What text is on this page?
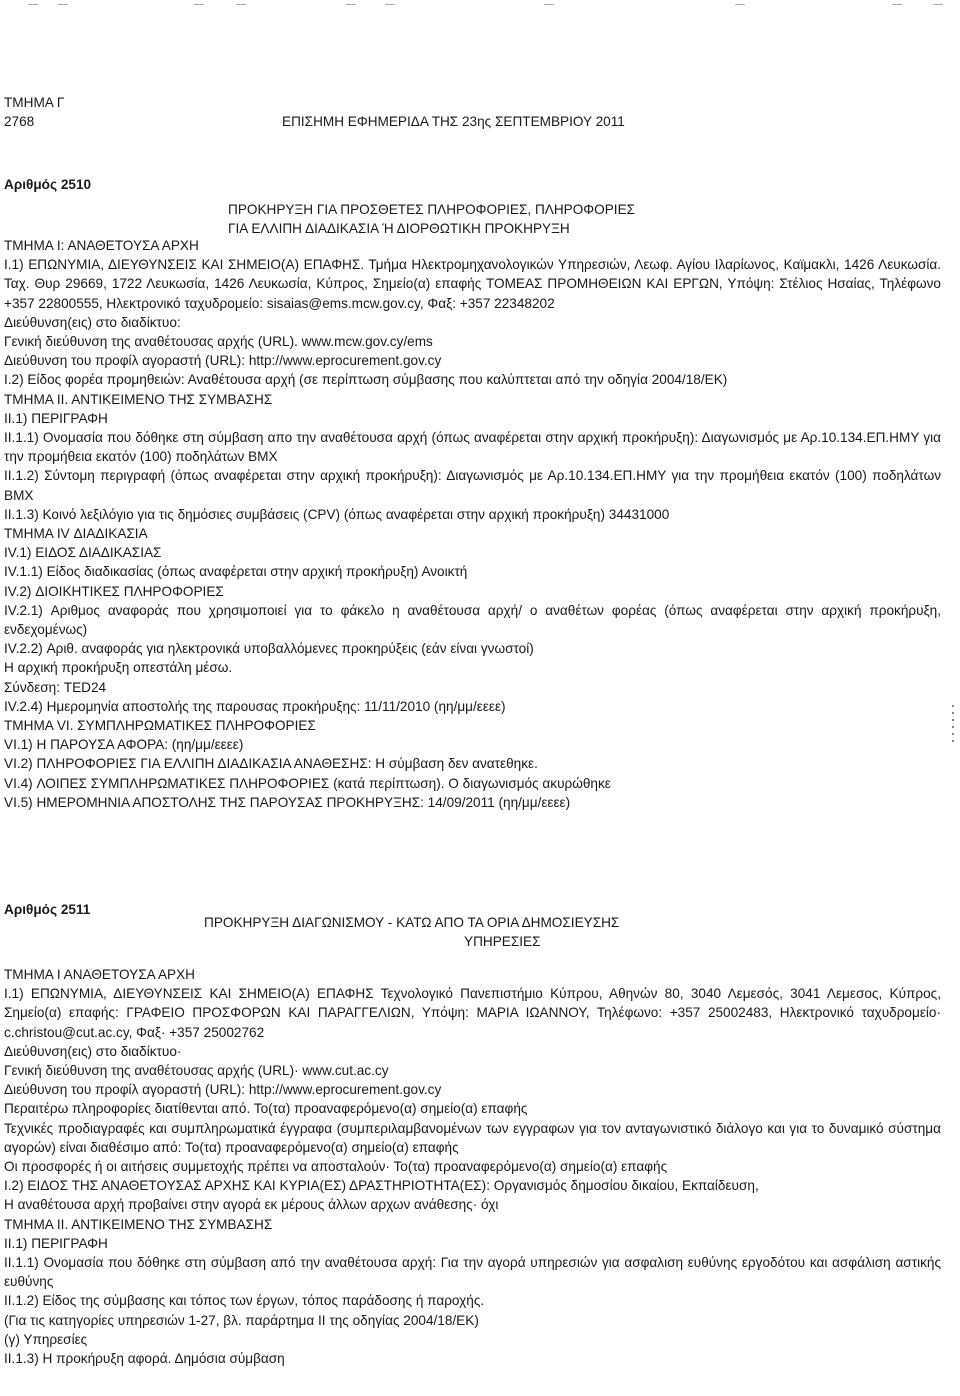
ΤΜΗΜΑ Γ
2768	ΕΠΙΣΗΜΗ ΕΦΗΜΕΡΙΔΑ ΤΗΣ 23ης ΣΕΠΤΕΜΒΡΙΟΥ 2011
Αριθμός 2510
ΠΡΟΚΗΡΥΞΗ ΓΙΑ ΠΡΟΣΘΕΤΕΣ ΠΛΗΡΟΦΟΡΙΕΣ, ΠΛΗΡΟΦΟΡΙΕΣ
ΓΙΑ ΕΛΛΙΠΗ ΔΙΑΔΙΚΑΣΙΑ Ή ΔΙΟΡΘΩΤΙΚΗ ΠΡΟΚΗΡΥΞΗ
ΤΜΗΜΑ Ι: ΑΝΑΘΕΤΟΥΣΑ ΑΡΧΗ
Ι.1) ΕΠΩΝΥΜΙΑ, ΔΙΕΥΘΥΝΣΕΙΣ ΚΑΙ ΣΗΜΕΙΟ(Α) ΕΠΑΦΗΣ. Τμήμα Ηλεκτρομηχανολογικών Υπηρεσιών, Λεωφ. Αγίου Ιλαρίωνος, Καϊμακλι, 1426 Λευκωσία. Ταχ. Θυρ 29669, 1722 Λευκωσία, 1426 Λευκωσία, Κύπρος, Σημείο(α) επαφής ΤΟΜΕΑΣ ΠΡΟΜΗΘΕΙΩΝ ΚΑΙ ΕΡΓΩΝ, Υπόψη: Στέλιος Ησαίας, Τηλέφωνο +357 22800555, Ηλεκτρονικό ταχυδρομείο: sisaias@ems.mcw.gov.cy, Φαξ: +357 22348202
Διεύθυνση(εις) στο διαδίκτυο:
Γενική διεύθυνση της αναθέτουσας αρχής (URL). www.mcw.gov.cy/ems
Διεύθυνση του προφίλ αγοραστή (URL): http://www.eprocurement.gov.cy
Ι.2) Είδος φορέα προμηθειών: Αναθέτουσα αρχή (σε περίπτωση σύμβασης που καλύπτεται από την οδηγία 2004/18/ΕΚ)
ΤΜΗΜΑ ΙΙ. ΑΝΤΙΚΕΙΜΕΝΟ ΤΗΣ ΣΥΜΒΑΣΗΣ
ΙΙ.1) ΠΕΡΙΓΡΑΦΗ
ΙΙ.1.1) Ονομασία που δόθηκε στη σύμβαση απο την αναθέτουσα αρχή (όπως αναφέρεται στην αρχική προκήρυξη): Διαγωνισμός με Αρ.10.134.ΕΠ.ΗΜΥ για την προμήθεια εκατόν (100) ποδηλάτων ΒΜΧ
ΙΙ.1.2) Σύντομη περιγραφή (όπως αναφέρεται στην αρχική προκήρυξη): Διαγωνισμός με Αρ.10.134.ΕΠ.ΗΜΥ για την προμήθεια εκατόν (100) ποδηλάτων ΒΜΧ
ΙΙ.1.3) Κοινό λεξιλόγιο για τις δημόσιες συμβάσεις (CPV) (όπως αναφέρεται στην αρχική προκήρυξη) 34431000
ΤΜΗΜΑ IV ΔΙΑΔΙΚΑΣΙΑ
IV.1) ΕΙΔΟΣ ΔΙΑΔΙΚΑΣΙΑΣ
IV.1.1) Είδος διαδικασίας (όπως αναφέρεται στην αρχική προκήρυξη) Ανοικτή
IV.2) ΔΙΟΙΚΗΤΙΚΕΣ ΠΛΗΡΟΦΟΡΙΕΣ
IV.2.1) Αριθμος αναφοράς που χρησιμοποιεί για το φάκελο η αναθέτουσα αρχή/ ο αναθέτων φορέας (όπως αναφέρεται στην αρχική προκήρυξη, ενδεχομένως)
IV.2.2) Αριθ. αναφοράς για ηλεκτρονικά υποβαλλόμενες προκηρύξεις (εάν είναι γνωστοί)
Η αρχική προκήρυξη οπεστάλη μέσω.
Σύνδεση: TED24
IV.2.4) Ημερομηνία αποστολής της παρουσας προκήρυξης: 11/11/2010 (ηη/μμ/εεεε)
ΤΜΗΜΑ VI. ΣΥΜΠΛΗΡΩΜΑΤΙΚΕΣ ΠΛΗΡΟΦΟΡΙΕΣ
VI.1) Η ΠΑΡΟΥΣΑ ΑΦΟΡΑ: (ηη/μμ/εεεε)
VI.2) ΠΛΗΡΟΦΟΡΙΕΣ ΓΙΑ ΕΛΛΙΠΗ ΔΙΑΔΙΚΑΣΙΑ ΑΝΑΘΕΣΗΣ: Η σύμβαση δεν ανατεθηκε.
VI.4) ΛΟΙΠΕΣ ΣΥΜΠΛΗΡΩΜΑΤΙΚΕΣ ΠΛΗΡΟΦΟΡΙΕΣ (κατά περίπτωση). Ο διαγωνισμός ακυρώθηκε
VI.5) ΗΜΕΡΟΜΗΝΙΑ ΑΠΟΣΤΟΛΗΣ ΤΗΣ ΠΑΡΟΥΣΑΣ ΠΡΟΚΗΡΥΞΗΣ: 14/09/2011 (ηη/μμ/εεεε)
Αριθμός 2511
ΠΡΟΚΗΡΥΞΗ ΔΙΑΓΩΝΙΣΜΟΥ - ΚΑΤΩ ΑΠΟ ΤΑ ΟΡΙΑ ΔΗΜΟΣΙΕΥΣΗΣ
ΥΠΗΡΕΣΙΕΣ
ΤΜΗΜΑ Ι ΑΝΑΘΕΤΟΥΣΑ ΑΡΧΗ
Ι.1) ΕΠΩΝΥΜΙΑ, ΔΙΕΥΘΥΝΣΕΙΣ ΚΑΙ ΣΗΜΕΙΟ(Α) ΕΠΑΦΗΣ Τεχνολογικό Πανεπιστήμιο Κύπρου, Αθηνών 80, 3040 Λεμεσός, 3041 Λεμεσος, Κύπρος, Σημείο(α) επαφής: ΓΡΑΦΕΙΟ ΠΡΟΣΦΟΡΩΝ ΚΑΙ ΠΑΡΑΓΓΕΛΙΩΝ, Υπόψη: ΜΑΡΙΑ ΙΩΑΝΝΟΥ, Τηλέφωνο: +357 25002483, Ηλεκτρονικό ταχυδρομείο· c.christou@cut.ac.cy, Φαξ· +357 25002762
Διεύθυνση(εις) στο διαδίκτυο·
Γενική διεύθυνση της αναθέτουσας αρχής (URL)· www.cut.ac.cy
Διεύθυνση του προφίλ αγοραστή (URL): http://www.eprocurement.gov.cy
Περαιτέρω πληροφορίες διατίθενται από. Το(τα) προαναφερόμενο(α) σημείο(α) επαφής
Τεχνικές προδιαγραφές και συμπληρωματικά έγγραφα (συμπεριλαμβανομένων των εγγραφων για τον ανταγωνιστικό διάλογο και για το δυναμικό σύστημα αγορών) είναι διαθέσιμο από: Το(τα) προαναφερόμενο(α) σημείο(α) επαφής
Οι προσφορές ή οι αιτήσεις συμμετοχής πρέπει να αποσταλούν· Το(τα) προαναφερόμενο(α) σημείο(α) επαφής
Ι.2) ΕΙΔΟΣ ΤΗΣ ΑΝΑΘΕΤΟΥΣΑΣ ΑΡΧΗΣ ΚΑΙ ΚΥΡΙΑ(ΕΣ) ΔΡΑΣΤΗΡΙΟΤΗΤΑ(ΕΣ): Οργανισμός δημοσίου δικαίου, Εκπαίδευση,
Η αναθέτουσα αρχή προβαίνει στην αγορά εκ μέρους άλλων αρχων ανάθεσης· όχι
ΤΜΗΜΑ ΙΙ. ΑΝΤΙΚΕΙΜΕΝΟ ΤΗΣ ΣΥΜΒΑΣΗΣ
ΙΙ.1) ΠΕΡΙΓΡΑΦΗ
ΙΙ.1.1) Ονομασία που δόθηκε στη σύμβαση από την αναθέτουσα αρχή: Για την αγορά υπηρεσιών για ασφαλιση ευθύνης εργοδότου και ασφάλιση αστικής ευθύνης
ΙΙ.1.2) Είδος της σύμβασης και τόπος των έργων, τόπος παράδοσης ή παροχής.
(Για τις κατηγορίες υπηρεσιών 1-27, βλ. παράρτημα ΙΙ της οδηγίας 2004/18/ΕΚ)
(γ) Υπηρεσίες
ΙΙ.1.3) Η προκήρυξη αφορά. Δημόσια σύμβαση
